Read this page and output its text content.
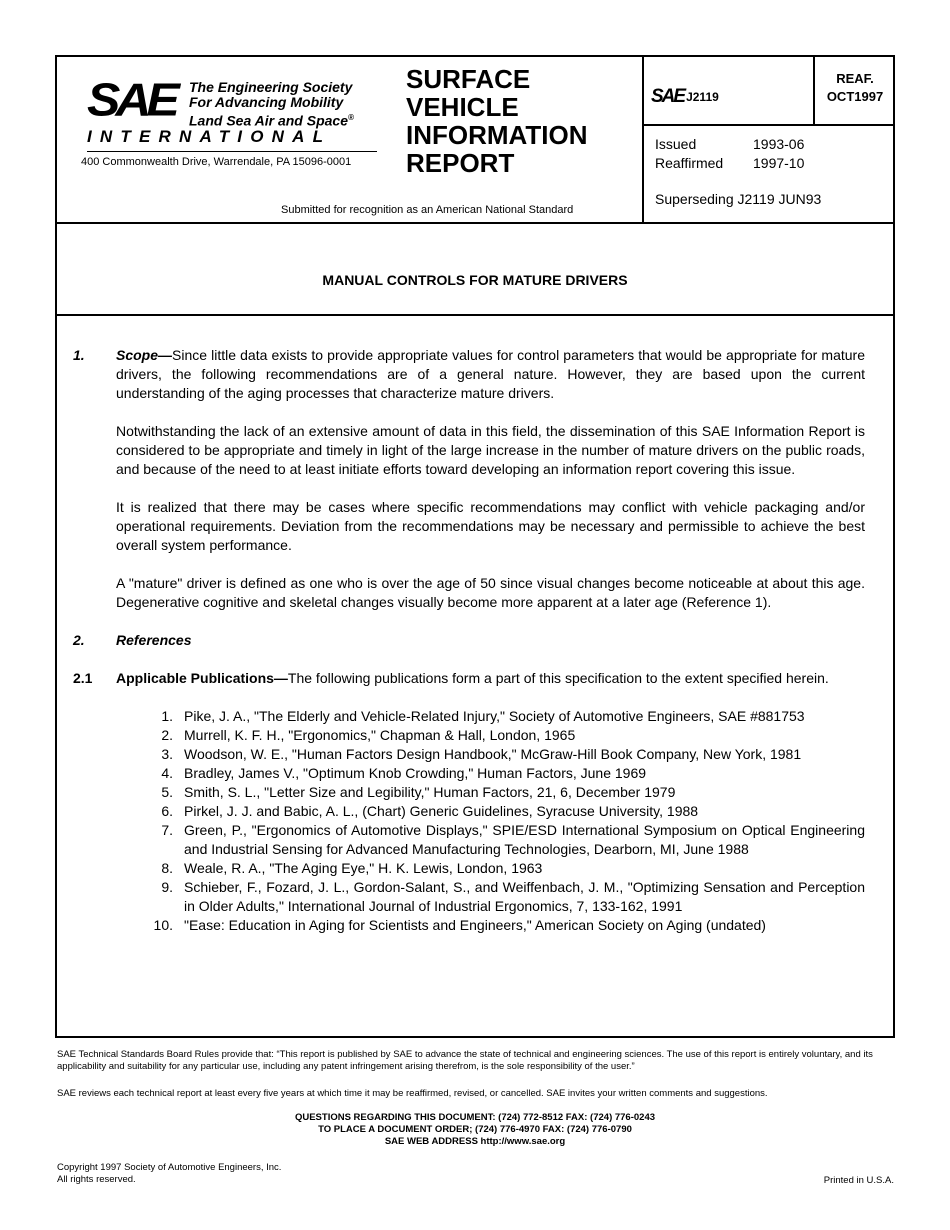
SAE The Engineering Society
For Advancing Mobility
Land Sea Air and Space®
INTERNATIONAL
400 Commonwealth Drive, Warrendale, PA 15096-0001
SURFACE
VEHICLE
INFORMATION
REPORT
Submitted for recognition as an American National Standard
SAE J2119
REAF.
OCT1997
Issued	1993-06
Reaffirmed	1997-10
Superseding J2119 JUN93
MANUAL CONTROLS FOR MATURE DRIVERS
1.	Scope—Since little data exists to provide appropriate values for control parameters that would be appropriate for mature drivers, the following recommendations are of a general nature. However, they are based upon the current understanding of the aging processes that characterize mature drivers.
Notwithstanding the lack of an extensive amount of data in this field, the dissemination of this SAE Information Report is considered to be appropriate and timely in light of the large increase in the number of mature drivers on the public roads, and because of the need to at least initiate efforts toward developing an information report covering this issue.
It is realized that there may be cases where specific recommendations may conflict with vehicle packaging and/or operational requirements. Deviation from the recommendations may be necessary and permissible to achieve the best overall system performance.
A "mature" driver is defined as one who is over the age of 50 since visual changes become noticeable at about this age. Degenerative cognitive and skeletal changes visually become more apparent at a later age (Reference 1).
2.	References
2.1	Applicable Publications—The following publications form a part of this specification to the extent specified herein.
1. Pike, J. A., "The Elderly and Vehicle-Related Injury," Society of Automotive Engineers, SAE #881753
2. Murrell, K. F. H., "Ergonomics," Chapman & Hall, London, 1965
3. Woodson, W. E., "Human Factors Design Handbook," McGraw-Hill Book Company, New York, 1981
4. Bradley, James V., "Optimum Knob Crowding," Human Factors, June 1969
5. Smith, S. L., "Letter Size and Legibility," Human Factors, 21, 6, December 1979
6. Pirkel, J. J. and Babic, A. L., (Chart) Generic Guidelines, Syracuse University, 1988
7. Green, P., "Ergonomics of Automotive Displays," SPIE/ESD International Symposium on Optical Engineering and Industrial Sensing for Advanced Manufacturing Technologies, Dearborn, MI, June 1988
8. Weale, R. A., "The Aging Eye," H. K. Lewis, London, 1963
9. Schieber, F., Fozard, J. L., Gordon-Salant, S., and Weiffenbach, J. M., "Optimizing Sensation and Perception in Older Adults," International Journal of Industrial Ergonomics, 7, 133-162, 1991
10. "Ease: Education in Aging for Scientists and Engineers," American Society on Aging (undated)
SAE Technical Standards Board Rules provide that: “This report is published by SAE to advance the state of technical and engineering sciences. The use of this report is entirely voluntary, and its applicability and suitability for any particular use, including any patent infringement arising therefrom, is the sole responsibility of the user.”
SAE reviews each technical report at least every five years at which time it may be reaffirmed, revised, or cancelled. SAE invites your written comments and suggestions.
QUESTIONS REGARDING THIS DOCUMENT: (724) 772-8512 FAX: (724) 776-0243
TO PLACE A DOCUMENT ORDER; (724) 776-4970 FAX: (724) 776-0790
SAE WEB ADDRESS http://www.sae.org
Copyright 1997 Society of Automotive Engineers, Inc.
All rights reserved.	Printed in U.S.A.
